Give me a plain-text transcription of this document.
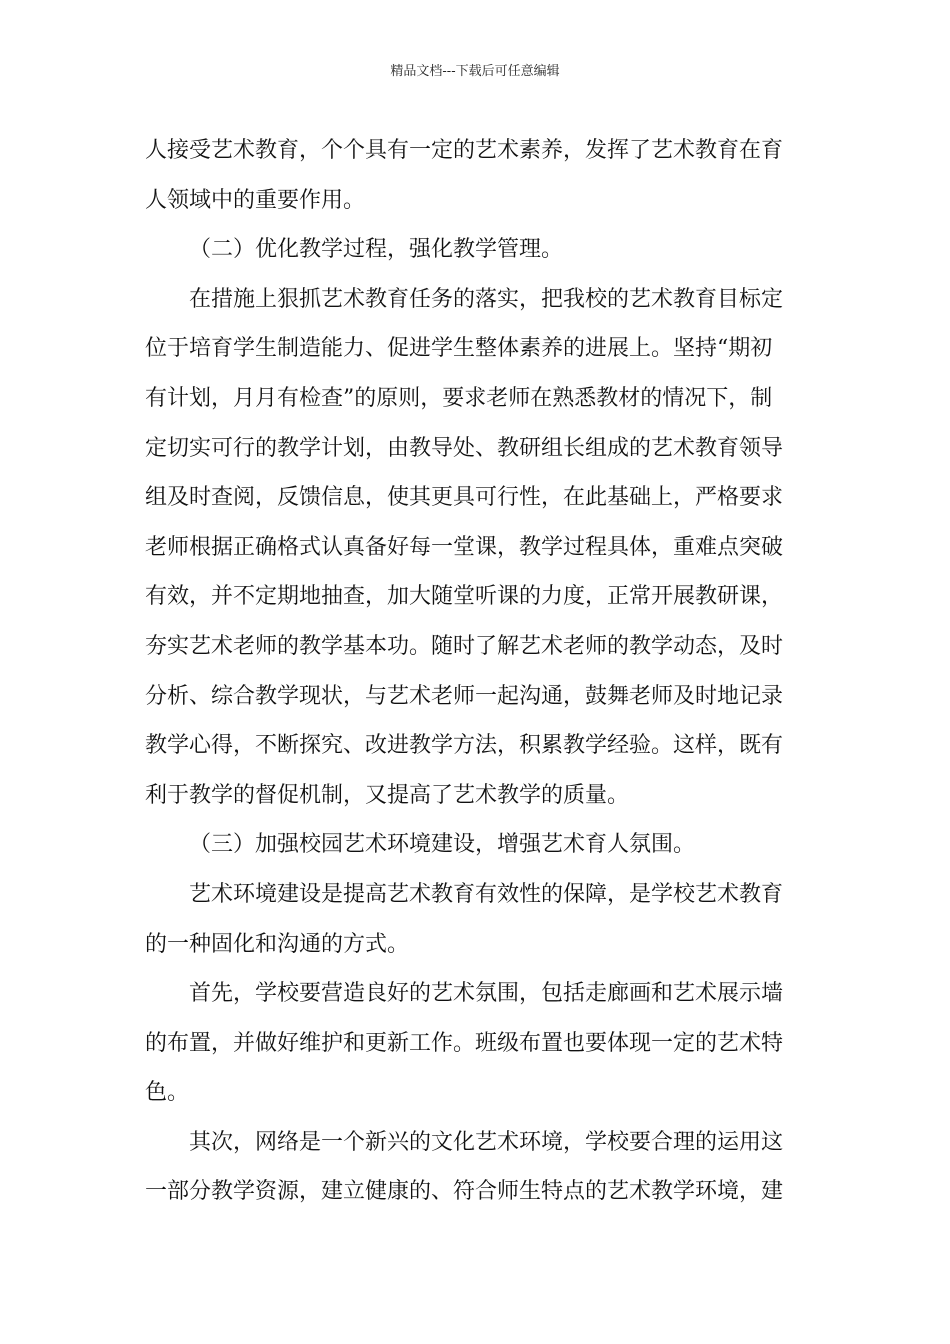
精品文档---下载后可任意编辑
人接受艺术教育，个个具有一定的艺术素养，发挥了艺术教育在育
人领域中的重要作用。
（二）优化教学过程，强化教学管理。
在措施上狠抓艺术教育任务的落实，把我校的艺术教育目标定
位于培育学生制造能力、促进学生整体素养的进展上。坚持“期初
有计划，月月有检查”的原则，要求老师在熟悉教材的情况下，制
定切实可行的教学计划，由教导处、教研组长组成的艺术教育领导
组及时查阅，反馈信息，使其更具可行性，在此基础上，严格要求
老师根据正确格式认真备好每一堂课，教学过程具体，重难点突破
有效，并不定期地抽查，加大随堂听课的力度，正常开展教研课，
夯实艺术老师的教学基本功。随时了解艺术老师的教学动态，及时
分析、综合教学现状，与艺术老师一起沟通，鼓舞老师及时地记录
教学心得，不断探究、改进教学方法，积累教学经验。这样，既有
利于教学的督促机制，又提高了艺术教学的质量。
（三）加强校园艺术环境建设，增强艺术育人氛围。
艺术环境建设是提高艺术教育有效性的保障，是学校艺术教育
的一种固化和沟通的方式。
首先，学校要营造良好的艺术氛围，包括走廊画和艺术展示墙
的布置，并做好维护和更新工作。班级布置也要体现一定的艺术特
色。
其次，网络是一个新兴的文化艺术环境，学校要合理的运用这
一部分教学资源，建立健康的、符合师生特点的艺术教学环境，建
